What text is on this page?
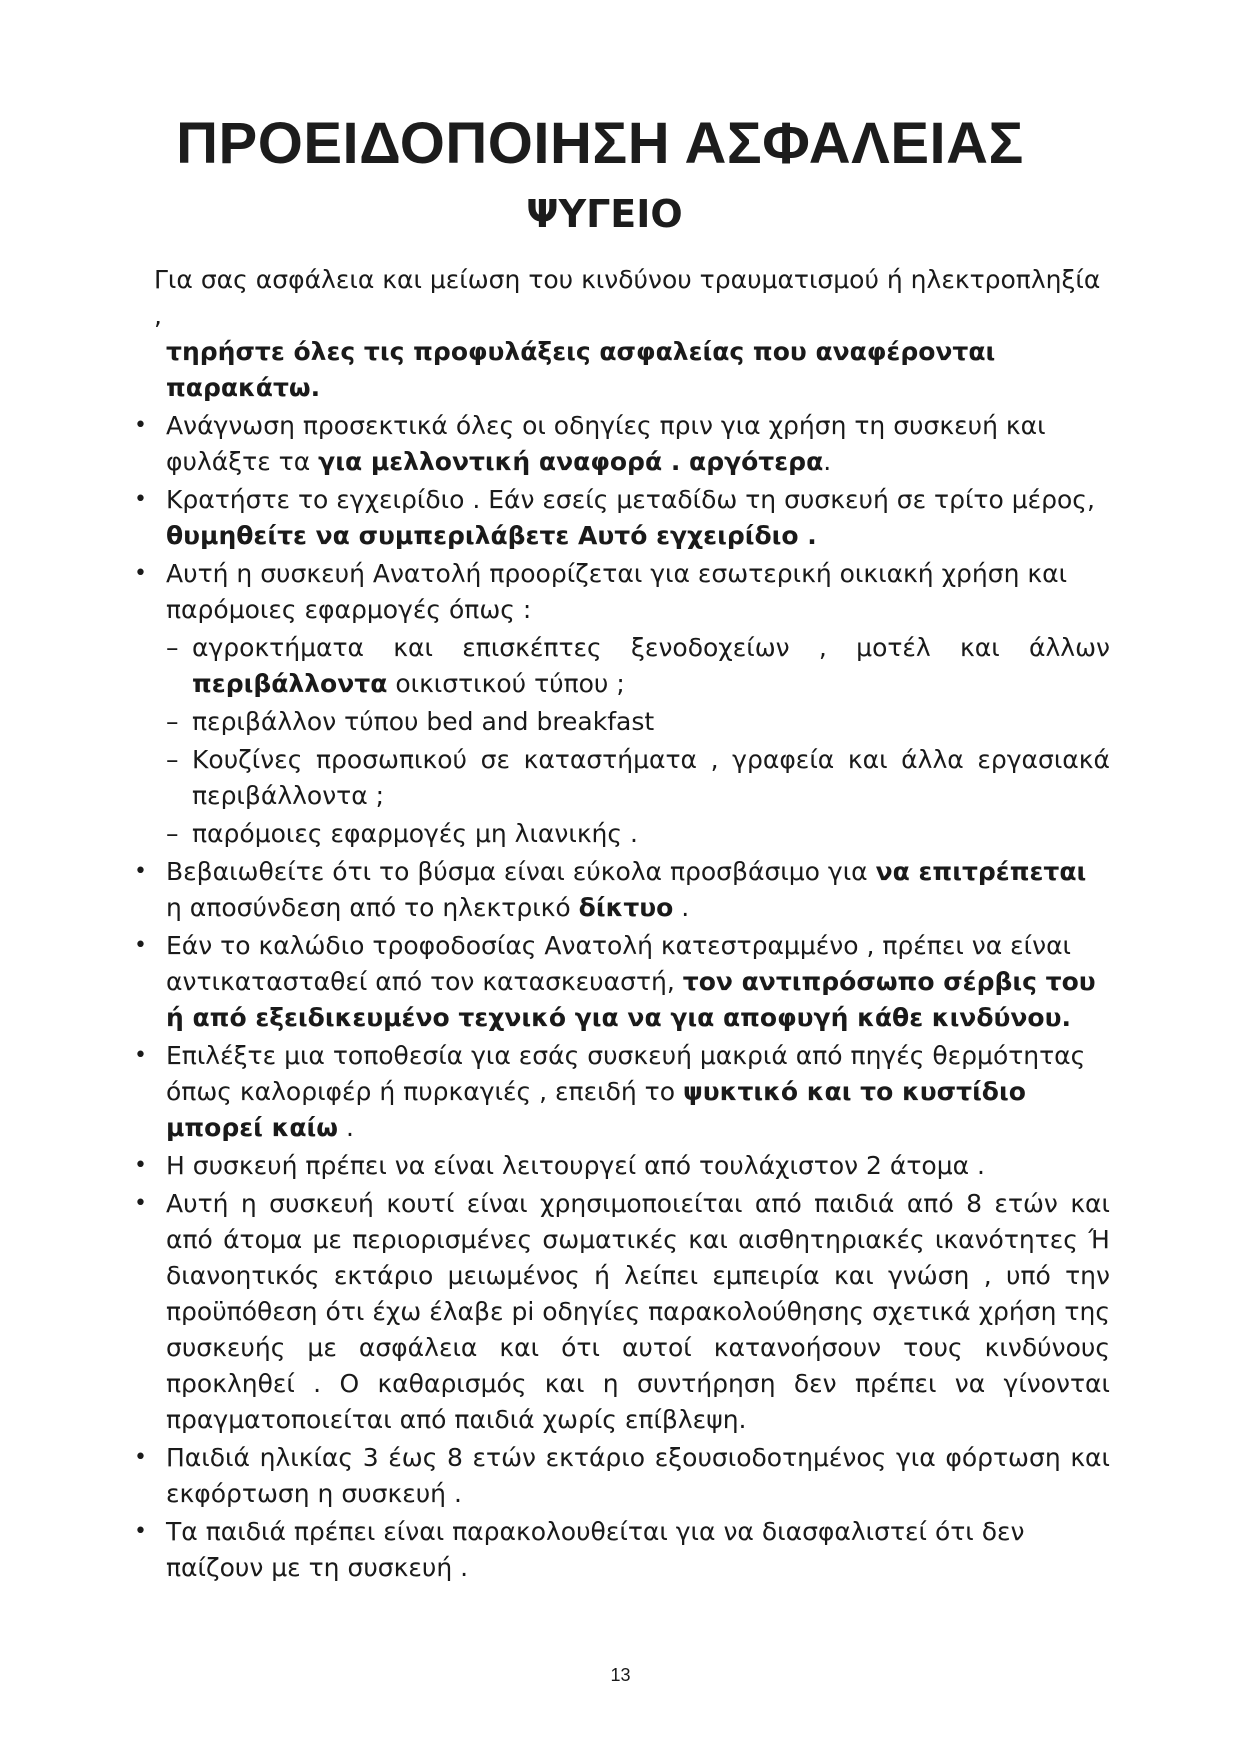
ΠΡΟΕΙΔΟΠΟΙΗΣΗ ΑΣΦΑΛΕΙΑΣ
ΨΥΓΕΙΟ
Για σας ασφάλεια και μείωση του κινδύνου τραυματισμού ή ηλεκτροπληξία ,
τηρήστε όλες τις προφυλάξεις ασφαλείας που αναφέρονται παρακάτω.
• Ανάγνωση προσεκτικά όλες οι οδηγίες πριν για χρήση τη συσκευή και φυλάξτε τα για μελλοντική αναφορά . αργότερα.
• Κρατήστε το εγχειρίδιο . Εάν εσείς μεταδίδω τη συσκευή σε τρίτο μέρος, θυμηθείτε να συμπεριλάβετε Αυτό εγχειρίδιο .
• Αυτή η συσκευή Ανατολή προορίζεται για εσωτερική οικιακή χρήση και παρόμοιες εφαρμογές όπως :
– αγροκτήματα και επισκέπτες ξενοδοχείων , μοτέλ και άλλων περιβάλλοντα οικιστικού τύπου ;
– περιβάλλον τύπου bed and breakfast
– Κουζίνες προσωπικού σε καταστήματα , γραφεία και άλλα εργασιακά περιβάλλοντα ;
– παρόμοιες εφαρμογές μη λιανικής .
• Βεβαιωθείτε ότι το βύσμα είναι εύκολα προσβάσιμο για να επιτρέπεται η αποσύνδεση από το ηλεκτρικό δίκτυο .
• Εάν το καλώδιο τροφοδοσίας Ανατολή κατεστραμμένο , πρέπει να είναι αντικατασταθεί από τον κατασκευαστή, τον αντιπρόσωπο σέρβις του ή από εξειδικευμένο τεχνικό για να για αποφυγή κάθε κινδύνου.
• Επιλέξτε μια τοποθεσία για εσάς συσκευή μακριά από πηγές θερμότητας όπως καλοριφέρ ή πυρκαγιές , επειδή το ψυκτικό και το κυστίδιο μπορεί καίω .
• Η συσκευή πρέπει να είναι λειτουργεί από τουλάχιστον 2 άτομα .
• Αυτή η συσκευή κουτί είναι χρησιμοποιείται από παιδιά από 8 ετών και από άτομα με περιορισμένες σωματικές και αισθητηριακές ικανότητες Ή διανοητικός εκτάριο μειωμένος ή λείπει εμπειρία και γνώση , υπό την προϋπόθεση ότι έχω έλαβε pi οδηγίες παρακολούθησης σχετικά χρήση της συσκευής με ασφάλεια και ότι αυτοί κατανοήσουν τους κινδύνους προκληθεί . Ο καθαρισμός και η συντήρηση δεν πρέπει να γίνονται πραγματοποιείται από παιδιά χωρίς επίβλεψη.
• Παιδιά ηλικίας 3 έως 8 ετών εκτάριο εξουσιοδοτημένος για φόρτωση και εκφόρτωση η συσκευή .
• Τα παιδιά πρέπει είναι παρακολουθείται για να διασφαλιστεί ότι δεν παίζουν με τη συσκευή .
13
